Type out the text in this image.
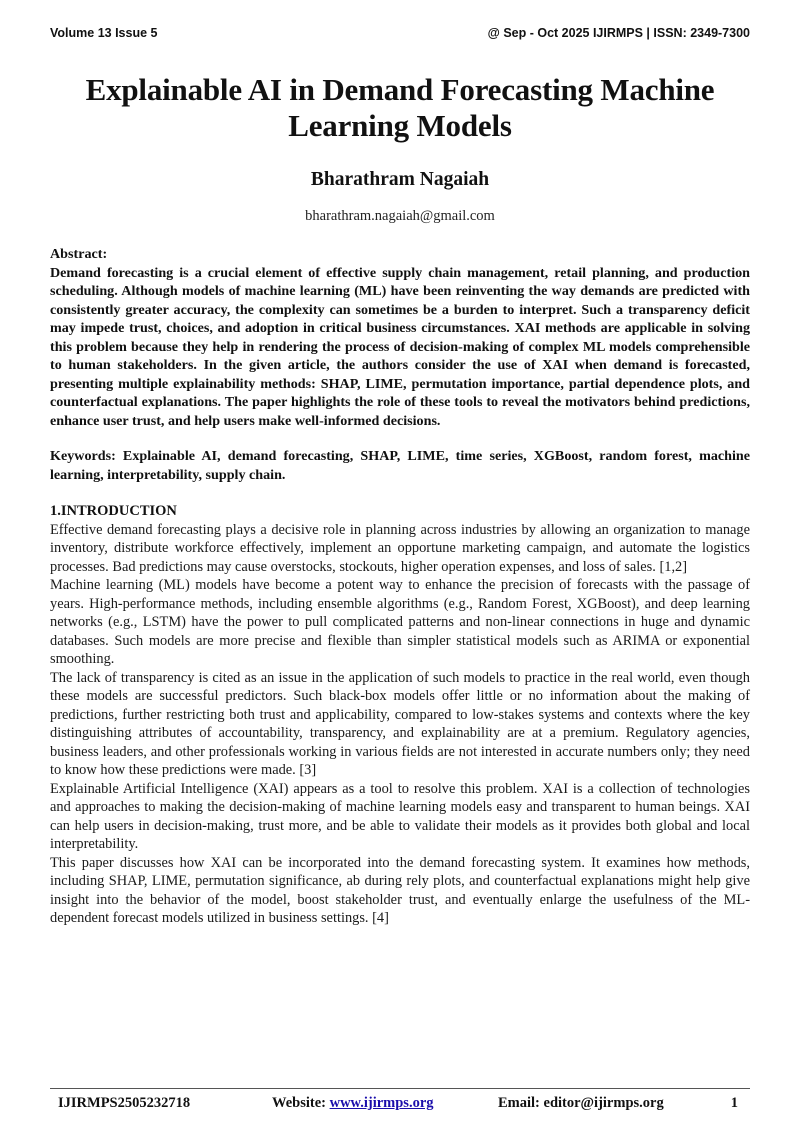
Volume 13 Issue 5	@ Sep - Oct 2025 IJIRMPS | ISSN: 2349-7300
Explainable AI in Demand Forecasting Machine Learning Models
Bharathram Nagaiah
bharathram.nagaiah@gmail.com
Abstract:
Demand forecasting is a crucial element of effective supply chain management, retail planning, and production scheduling. Although models of machine learning (ML) have been reinventing the way demands are predicted with consistently greater accuracy, the complexity can sometimes be a burden to interpret. Such a transparency deficit may impede trust, choices, and adoption in critical business circumstances. XAI methods are applicable in solving this problem because they help in rendering the process of decision-making of complex ML models comprehensible to human stakeholders. In the given article, the authors consider the use of XAI when demand is forecasted, presenting multiple explainability methods: SHAP, LIME, permutation importance, partial dependence plots, and counterfactual explanations. The paper highlights the role of these tools to reveal the motivators behind predictions, enhance user trust, and help users make well-informed decisions.
Keywords: Explainable AI, demand forecasting, SHAP, LIME, time series, XGBoost, random forest, machine learning, interpretability, supply chain.
1.INTRODUCTION

Effective demand forecasting plays a decisive role in planning across industries by allowing an organization to manage inventory, distribute workforce effectively, implement an opportune marketing campaign, and automate the logistics processes. Bad predictions may cause overstocks, stockouts, higher operation expenses, and loss of sales. [1,2]

Machine learning (ML) models have become a potent way to enhance the precision of forecasts with the passage of years. High-performance methods, including ensemble algorithms (e.g., Random Forest, XGBoost), and deep learning networks (e.g., LSTM) have the power to pull complicated patterns and non-linear connections in huge and dynamic databases. Such models are more precise and flexible than simpler statistical models such as ARIMA or exponential smoothing.

The lack of transparency is cited as an issue in the application of such models to practice in the real world, even though these models are successful predictors. Such black-box models offer little or no information about the making of predictions, further restricting both trust and applicability, compared to low-stakes systems and contexts where the key distinguishing attributes of accountability, transparency, and explainability are at a premium. Regulatory agencies, business leaders, and other professionals working in various fields are not interested in accurate numbers only; they need to know how these predictions were made. [3]

Explainable Artificial Intelligence (XAI) appears as a tool to resolve this problem. XAI is a collection of technologies and approaches to making the decision-making of machine learning models easy and transparent to human beings. XAI can help users in decision-making, trust more, and be able to validate their models as it provides both global and local interpretability.

This paper discusses how XAI can be incorporated into the demand forecasting system. It examines how methods, including SHAP, LIME, permutation significance, ab during rely plots, and counterfactual explanations might help give insight into the behavior of the model, boost stakeholder trust, and eventually enlarge the usefulness of the ML-dependent forecast models utilized in business settings. [4]

IJIRMPS2505232718	Website: www.ijirmps.org	Email: editor@ijirmps.org	1
